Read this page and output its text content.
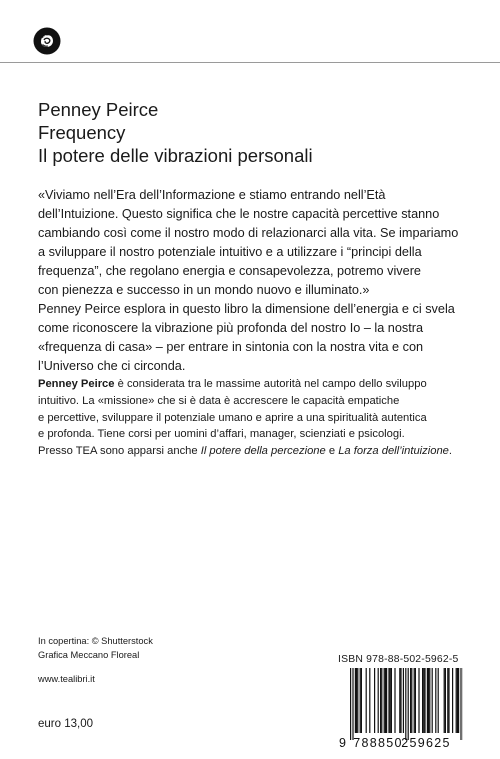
Penney Peirce
Frequency
Il potere delle vibrazioni personali

«Viviamo nell’Era dell’Informazione e stiamo entrando nell’Età

dell’Intuizione. Questo significa che le nostre capacità percettive stanno

cambiando così come il nostro modo di relazionarci alla vita. Se impariamo

a sviluppare il nostro potenziale intuitivo e a utilizzare i “principi della

frequenza”, che regolano energia e consapevolezza, potremo vivere

con pienezza e successo in un mondo nuovo e illuminato.»

Penney Peirce esplora in questo libro la dimensione dell’energia e ci svela

come riconoscere la vibrazione più profonda del nostro Io – la nostra

«frequenza di casa» – per entrare in sintonia con la nostra vita e con

l’Universo che ci circonda.

Penney Peirce è considerata tra le massime autorità nel campo dello sviluppo

intuitivo. La «missione» che si è data è accrescere le capacità empatiche

e percettive, sviluppare il potenziale umano e aprire a una spiritualità autentica

e profonda. Tiene corsi per uomini d’affari, manager, scienziati e psicologi.

Presso TEA sono apparsi anche Il potere della percezione e La forza dell’intuizione.

In copertina: © Shutterstock
Grafica Meccano Floreal
www.tealibri.it
euro 13,00
ISBN 978-88-502-5962-5
9 788850
259625
